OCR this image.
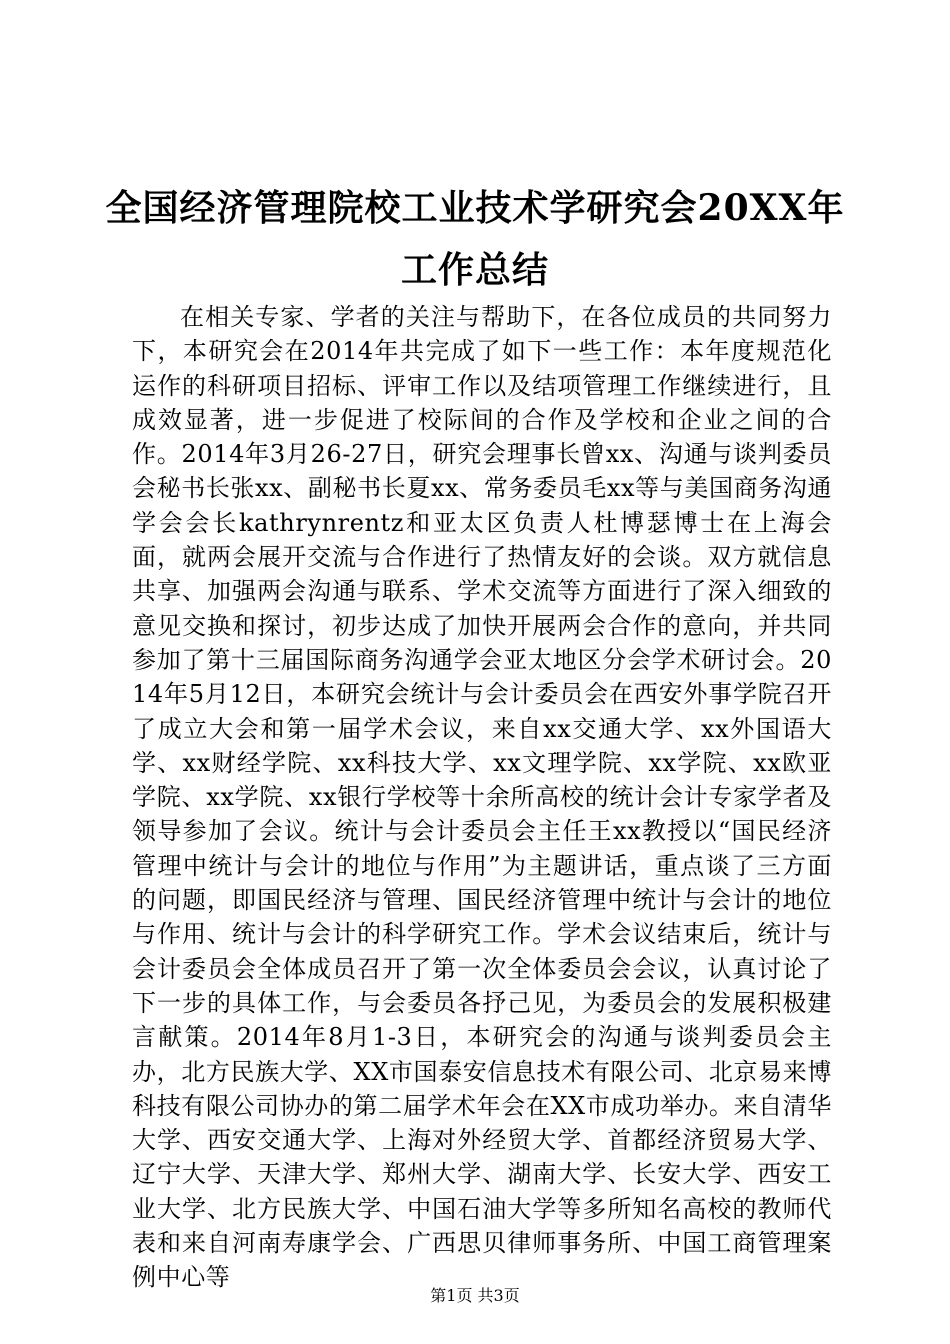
全国经济管理院校工业技术学研究会20XX年
工作总结

在相关专家、学者的关注与帮助下，在各位成员的共同努力下，本研究会在2014年共完成了如下一些工作：本年度规范化运作的科研项目招标、评审工作以及结项管理工作继续进行，且成效显著，进一步促进了校际间的合作及学校和企业之间的合作。2014年3月26-27日，研究会理事长曾xx、沟通与谈判委员会秘书长张xx、副秘书长夏xx、常务委员毛xx等与美国商务沟通学会会长kathrynrentz和亚太区负责人杜博瑟博士在上海会面，就两会展开交流与合作进行了热情友好的会谈。双方就信息共享、加强两会沟通与联系、学术交流等方面进行了深入细致的意见交换和探讨，初步达成了加快开展两会合作的意向，并共同参加了第十三届国际商务沟通学会亚太地区分会学术研讨会。2014年5月12日，本研究会统计与会计委员会在西安外事学院召开了成立大会和第一届学术会议，来自xx交通大学、xx外国语大学、xx财经学院、xx科技大学、xx文理学院、xx学院、xx欧亚学院、xx学院、xx银行学校等十余所高校的统计会计专家学者及领导参加了会议。统计与会计委员会主任王xx教授以“国民经济管理中统计与会计的地位与作用”为主题讲话，重点谈了三方面的问题，即国民经济与管理、国民经济管理中统计与会计的地位与作用、统计与会计的科学研究工作。学术会议结束后，统计与会计委员会全体成员召开了第一次全体委员会会议，认真讨论了下一步的具体工作，与会委员各抒己见，为委员会的发展积极建言献策。2014年8月1-3日，本研究会的沟通与谈判委员会主办，北方民族大学、XX市国泰安信息技术有限公司、北京易来博科技有限公司协办的第二届学术年会在XX市成功举办。来自清华大学、西安交通大学、上海对外经贸大学、首都经济贸易大学、辽宁大学、天津大学、郑州大学、湖南大学、长安大学、西安工业大学、北方民族大学、中国石油大学等多所知名高校的教师代表和来自河南寿康学会、广西思贝律师事务所、中国工商管理案例中心等

第1页 共3页
